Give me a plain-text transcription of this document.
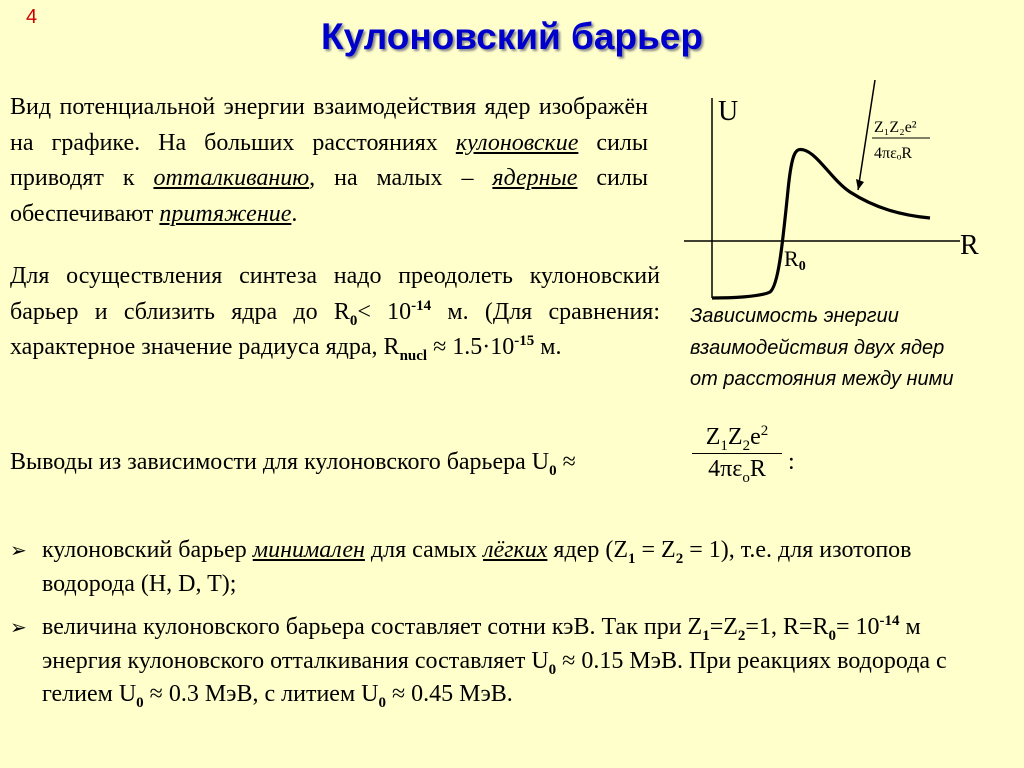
4	Кулоновский барьер
Вид потенциальной энергии взаимодействия ядер изображён на графике. На больших расстояниях кулоновские силы приводят к отталкиванию, на малых – ядерные силы обеспечивают притяжение.
Для осуществления синтеза надо преодолеть кулоновский барьер и сблизить ядра до $R_0< 10^{-14}$ м. (Для сравнения: характерное значение радиуса ядра, $R_{nucl} \approx 1.5\cdot 10^{-15}$ м.
U
R
R0
Z₁Z₂e²
4πεₒR
Зависимость энергии
взаимодействия двух ядер
от расстояния между ними
Выводы из зависимости для кулоновского барьера $U_0$ ≈
$Z_1Z_2e^2$
$4\pi\varepsilon_oR$ :
➢ кулоновский барьер минимален для самых лёгких ядер $(Z_1 = Z_2 = 1)$, т.е. для изотопов водорода (H, D, T);
➢ величина кулоновского барьера составляет сотни кэВ. Так при $Z_1=Z_2=1$, $R=R_0= 10^{-14}$ м энергия кулоновского отталкивания составляет $U_0 \approx 0.15$ МэВ. При реакциях водорода с гелием $U_0 \approx 0.3$ МэВ, с литием $U_0 \approx 0.45$ МэВ.
